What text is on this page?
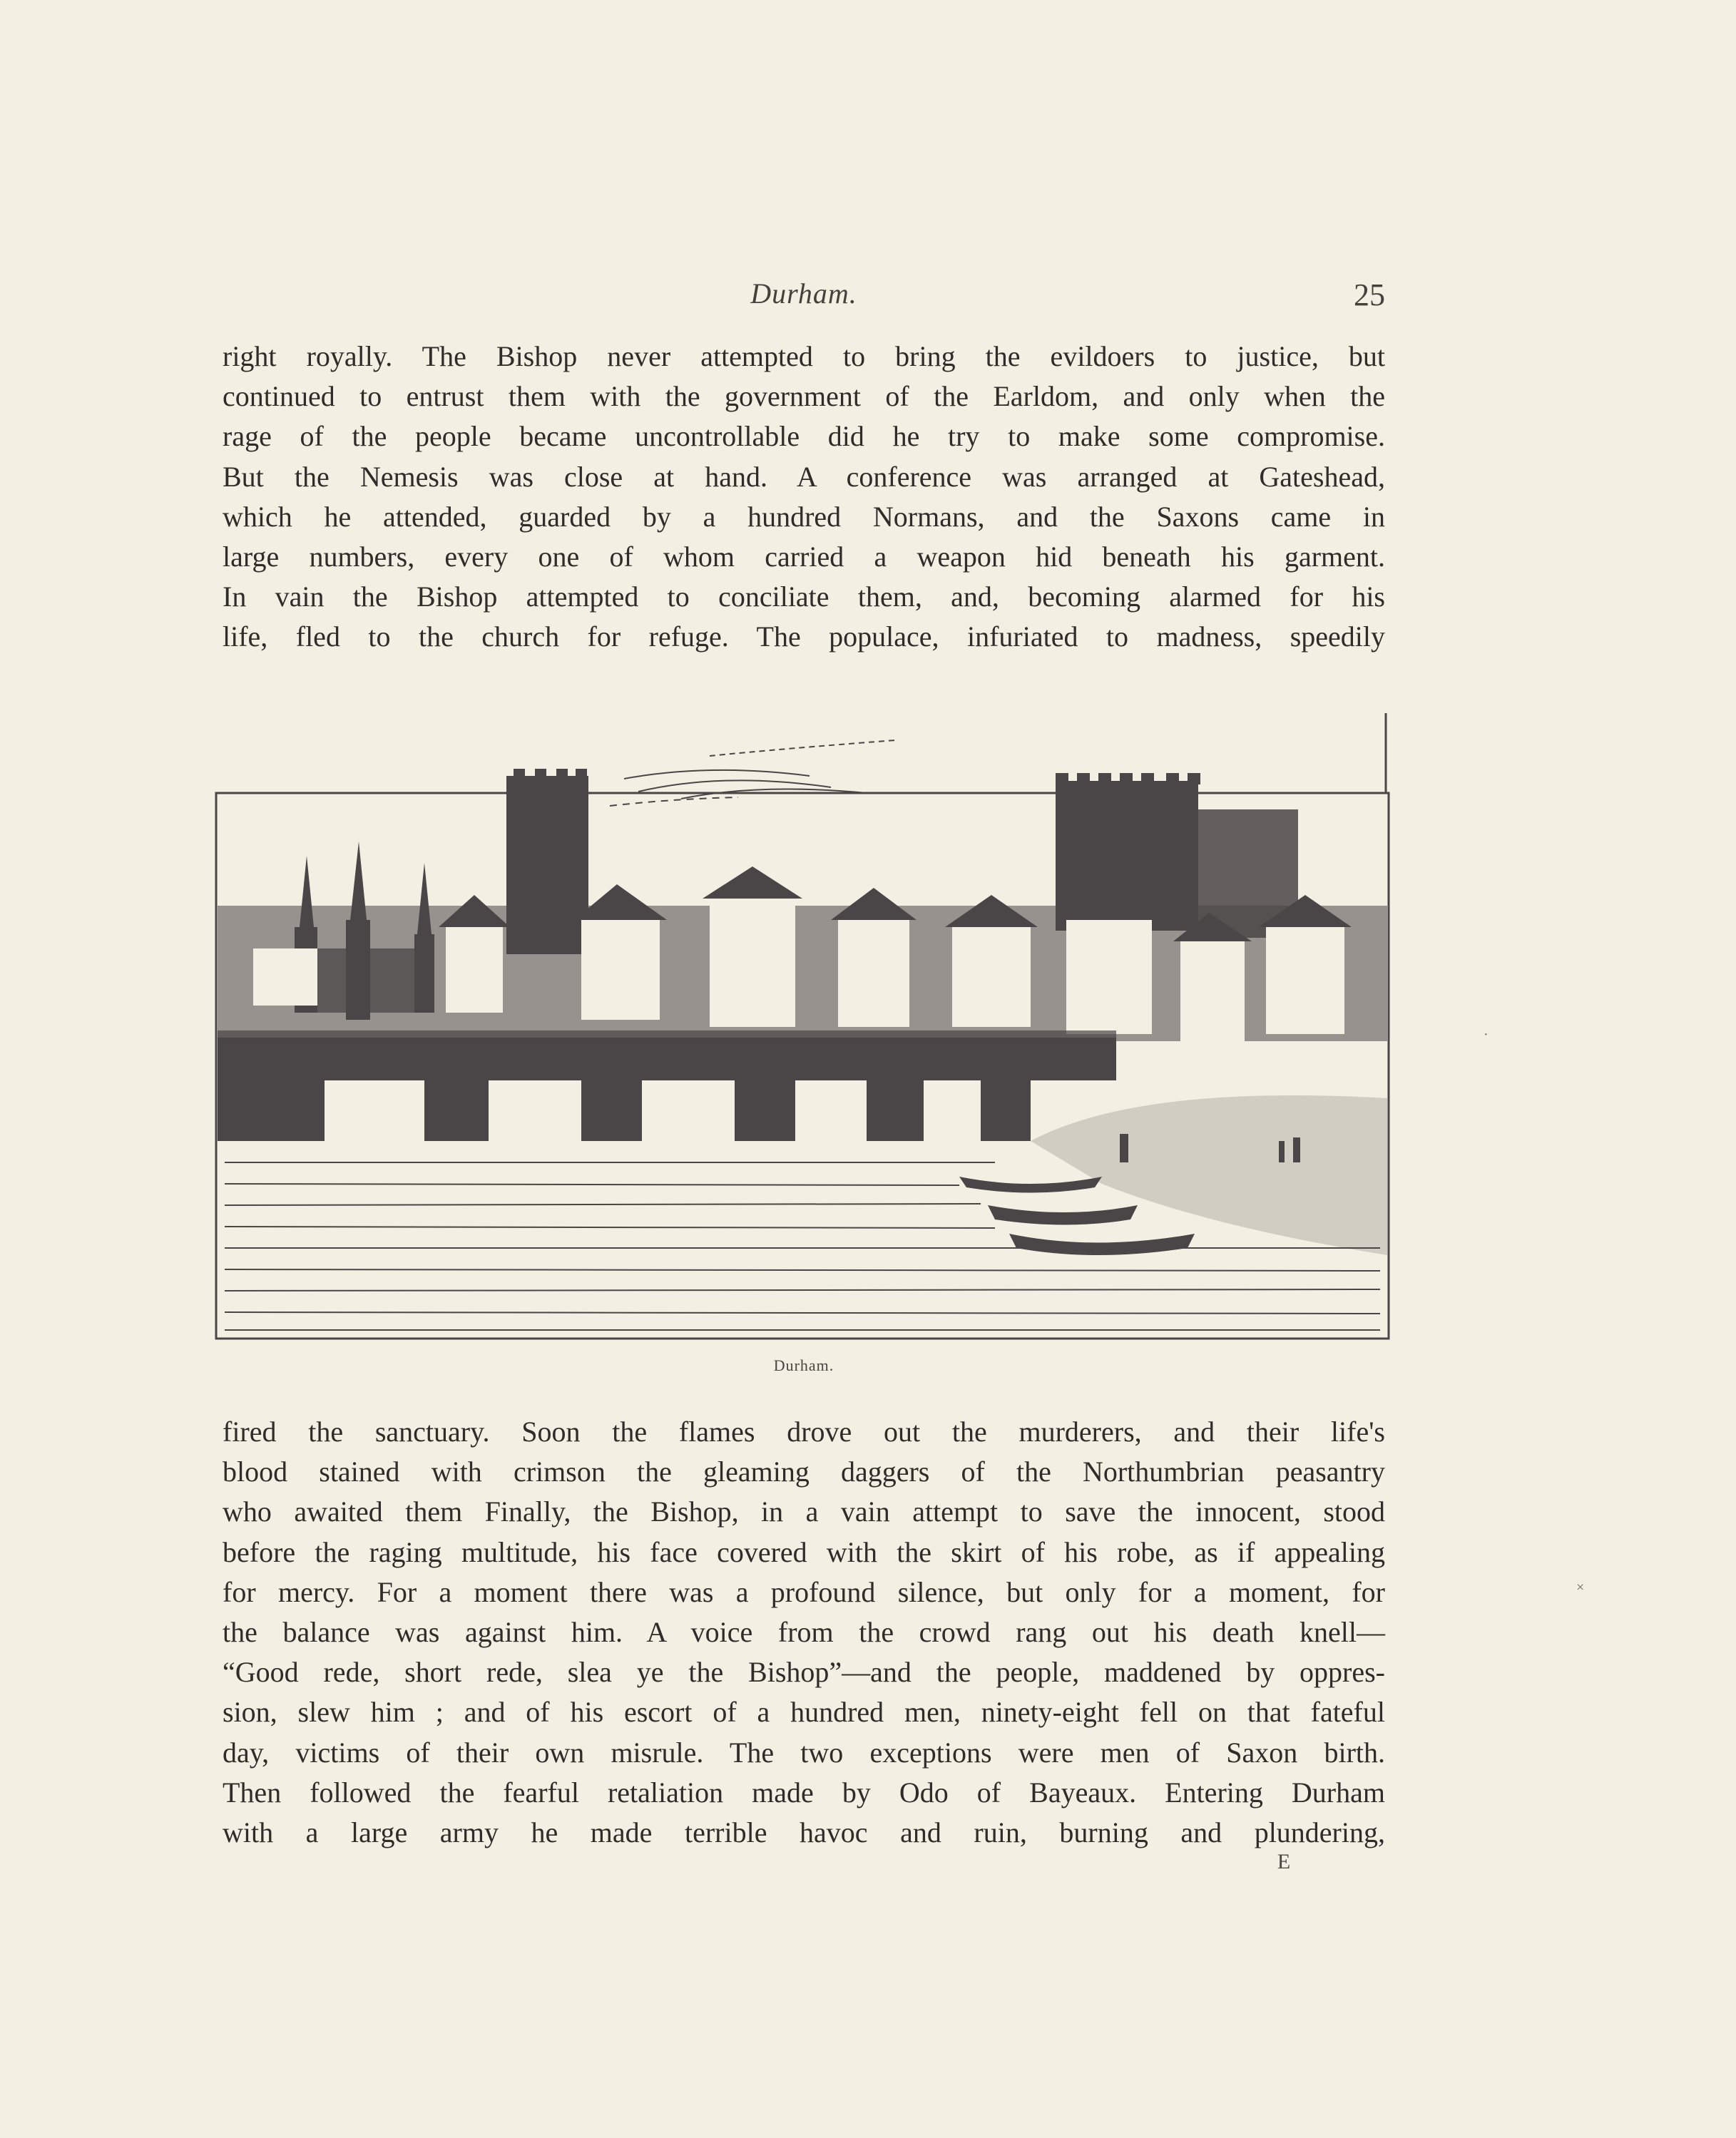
Durham.	25
right royally. The Bishop never attempted to bring the evildoers to justice, but
continued to entrust them with the government of the Earldom, and only when the
rage of the people became uncontrollable did he try to make some compromise.
But the Nemesis was close at hand. A conference was arranged at Gateshead,
which he attended, guarded by a hundred Normans, and the Saxons came in
large numbers, every one of whom carried a weapon hid beneath his garment.
In vain the Bishop attempted to conciliate them, and, becoming alarmed for his
life, fled to the church for refuge. The populace, infuriated to madness, speedily
Durham.
fired the sanctuary. Soon the flames drove out the murderers, and their life's
blood stained with crimson the gleaming daggers of the Northumbrian peasantry
who awaited them Finally, the Bishop, in a vain attempt to save the innocent, stood
before the raging multitude, his face covered with the skirt of his robe, as if appealing
for mercy. For a moment there was a profound silence, but only for a moment, for
the balance was against him. A voice from the crowd rang out his death knell—
“Good rede, short rede, slea ye the Bishop”—and the people, maddened by oppres-
sion, slew him ; and of his escort of a hundred men, ninety-eight fell on that fateful
day, victims of their own misrule. The two exceptions were men of Saxon birth.
Then followed the fearful retaliation made by Odo of Bayeaux. Entering Durham
with a large army he made terrible havoc and ruin, burning and plundering,
E
×
·
